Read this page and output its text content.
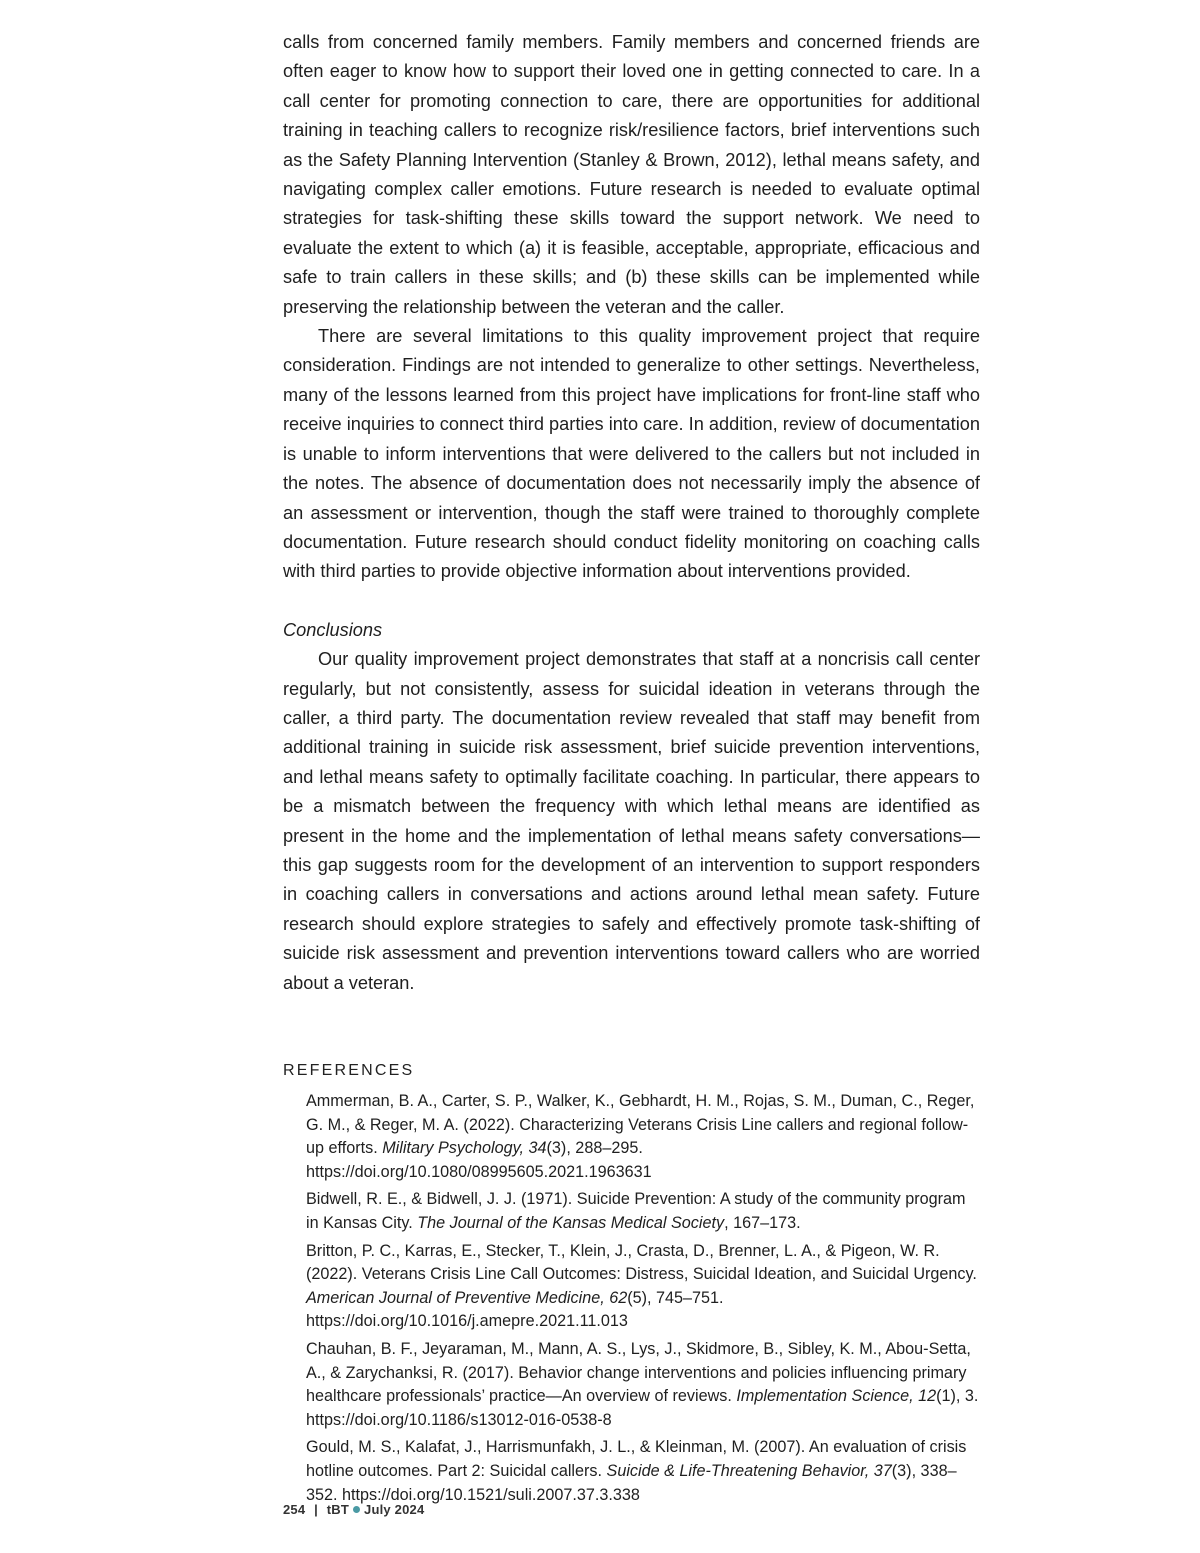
calls from concerned family members. Family members and concerned friends are often eager to know how to support their loved one in getting connected to care. In a call center for promoting connection to care, there are opportunities for additional training in teaching callers to recognize risk/resilience factors, brief interventions such as the Safety Planning Intervention (Stanley & Brown, 2012), lethal means safety, and navigating complex caller emotions. Future research is needed to evaluate optimal strategies for task-shifting these skills toward the support network. We need to evaluate the extent to which (a) it is feasible, acceptable, appropriate, efficacious and safe to train callers in these skills; and (b) these skills can be implemented while preserving the relationship between the veteran and the caller.

There are several limitations to this quality improvement project that require consideration. Findings are not intended to generalize to other settings. Nevertheless, many of the lessons learned from this project have implications for front-line staff who receive inquiries to connect third parties into care. In addition, review of documentation is unable to inform interventions that were delivered to the callers but not included in the notes. The absence of documentation does not necessarily imply the absence of an assessment or intervention, though the staff were trained to thoroughly complete documentation. Future research should conduct fidelity monitoring on coaching calls with third parties to provide objective information about interventions provided.

Conclusions

Our quality improvement project demonstrates that staff at a noncrisis call center regularly, but not consistently, assess for suicidal ideation in veterans through the caller, a third party. The documentation review revealed that staff may benefit from additional training in suicide risk assessment, brief suicide prevention interventions, and lethal means safety to optimally facilitate coaching. In particular, there appears to be a mismatch between the frequency with which lethal means are identified as present in the home and the implementation of lethal means safety conversations—this gap suggests room for the development of an intervention to support responders in coaching callers in conversations and actions around lethal mean safety. Future research should explore strategies to safely and effectively promote task-shifting of suicide risk assessment and prevention interventions toward callers who are worried about a veteran.

REFERENCES
Ammerman, B. A., Carter, S. P., Walker, K., Gebhardt, H. M., Rojas, S. M., Duman, C., Reger, G. M., & Reger, M. A. (2022). Characterizing Veterans Crisis Line callers and regional follow-up efforts. Military Psychology, 34(3), 288–295.
https://doi.org/10.1080/08995605.2021.1963631
Bidwell, R. E., & Bidwell, J. J. (1971). Suicide Prevention: A study of the community program in Kansas City. The Journal of the Kansas Medical Society, 167–173.
Britton, P. C., Karras, E., Stecker, T., Klein, J., Crasta, D., Brenner, L. A., & Pigeon, W. R. (2022). Veterans Crisis Line Call Outcomes: Distress, Suicidal Ideation, and Suicidal Urgency. American Journal of Preventive Medicine, 62(5), 745–751.
https://doi.org/10.1016/j.amepre.2021.11.013
Chauhan, B. F., Jeyaraman, M., Mann, A. S., Lys, J., Skidmore, B., Sibley, K. M., Abou-Setta, A., & Zarychanksi, R. (2017). Behavior change interventions and policies influencing primary healthcare professionals’ practice—An overview of reviews. Implementation Science, 12(1), 3. https://doi.org/10.1186/s13012-016-0538-8
Gould, M. S., Kalafat, J., Harrismunfakh, J. L., & Kleinman, M. (2007). An evaluation of crisis hotline outcomes. Part 2: Suicidal callers. Suicide & Life-Threatening Behavior, 37(3), 338–352. https://doi.org/10.1521/suli.2007.37.3.338
254 | tBT July 2024
